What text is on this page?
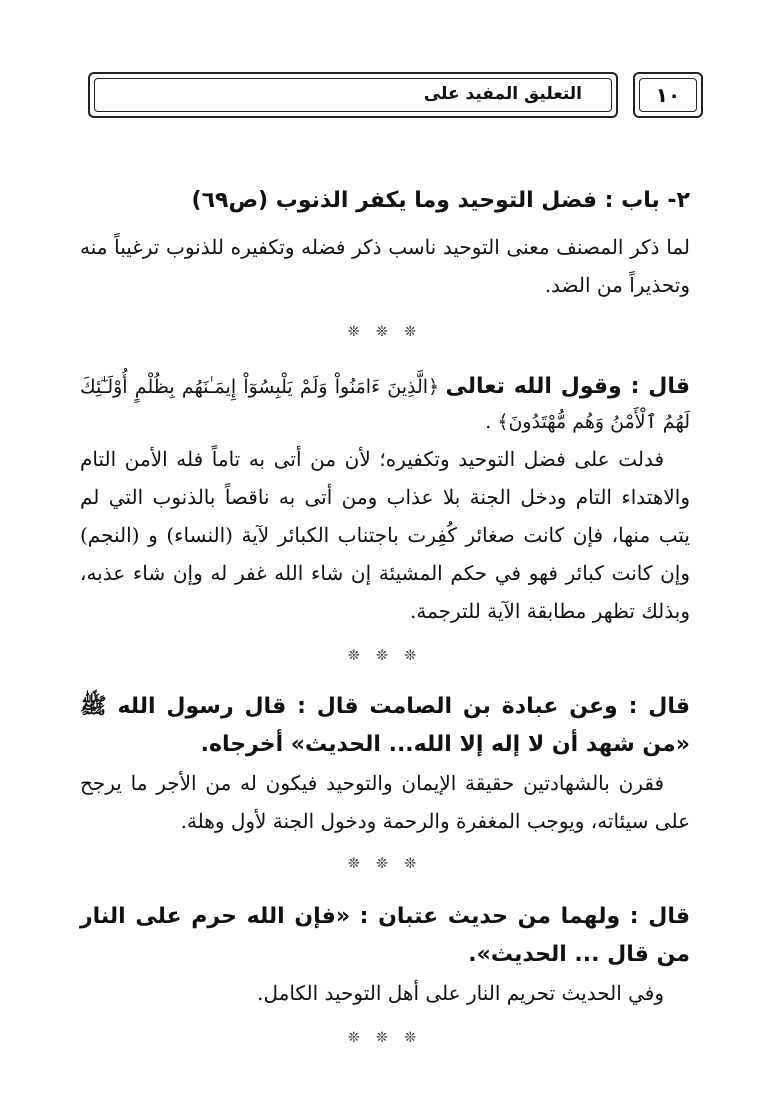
التعليق المفيد على	١٠
٢- باب : فضل التوحيد وما يكفر الذنوب (ص٦٩)
لما ذكر المصنف معنى التوحيد ناسب ذكر فضله وتكفيره للذنوب ترغيباً منه وتحذيراً من الضد.
❊ ❊ ❊
قال : وقول الله تعالى ﴿الَّذِينَ ءَامَنُواْ وَلَمْ يَلْبِسُوٓاْ إِيمَـٰنَهُم بِظُلْمٍ أُوْلَـٰٓئِكَ لَهُمُ ٱلْأَمْنُ وَهُم مُّهْتَدُونَ﴾ .
فدلت على فضل التوحيد وتكفيره؛ لأن من أتى به تاماً فله الأمن التام والاهتداء التام ودخل الجنة بلا عذاب ومن أتى به ناقصاً بالذنوب التي لم يتب منها، فإن كانت صغائر كُفِرت باجتناب الكبائر لآية (النساء) و (النجم) وإن كانت كبائر فهو في حكم المشيئة إن شاء الله غفر له وإن شاء عذبه، وبذلك تظهر مطابقة الآية للترجمة.
❊ ❊ ❊
قال : وعن عبادة بن الصامت قال : قال رسول الله ﷺ «من شهد أن لا إله إلا الله... الحديث» أخرجاه.
فقرن بالشهادتين حقيقة الإيمان والتوحيد فيكون له من الأجر ما يرجح على سيئاته، ويوجب المغفرة والرحمة ودخول الجنة لأول وهلة.
❊ ❊ ❊
قال : ولهما من حديث عتبان : «فإن الله حرم على النار من قال ... الحديث».
وفي الحديث تحريم النار على أهل التوحيد الكامل.
❊ ❊ ❊
